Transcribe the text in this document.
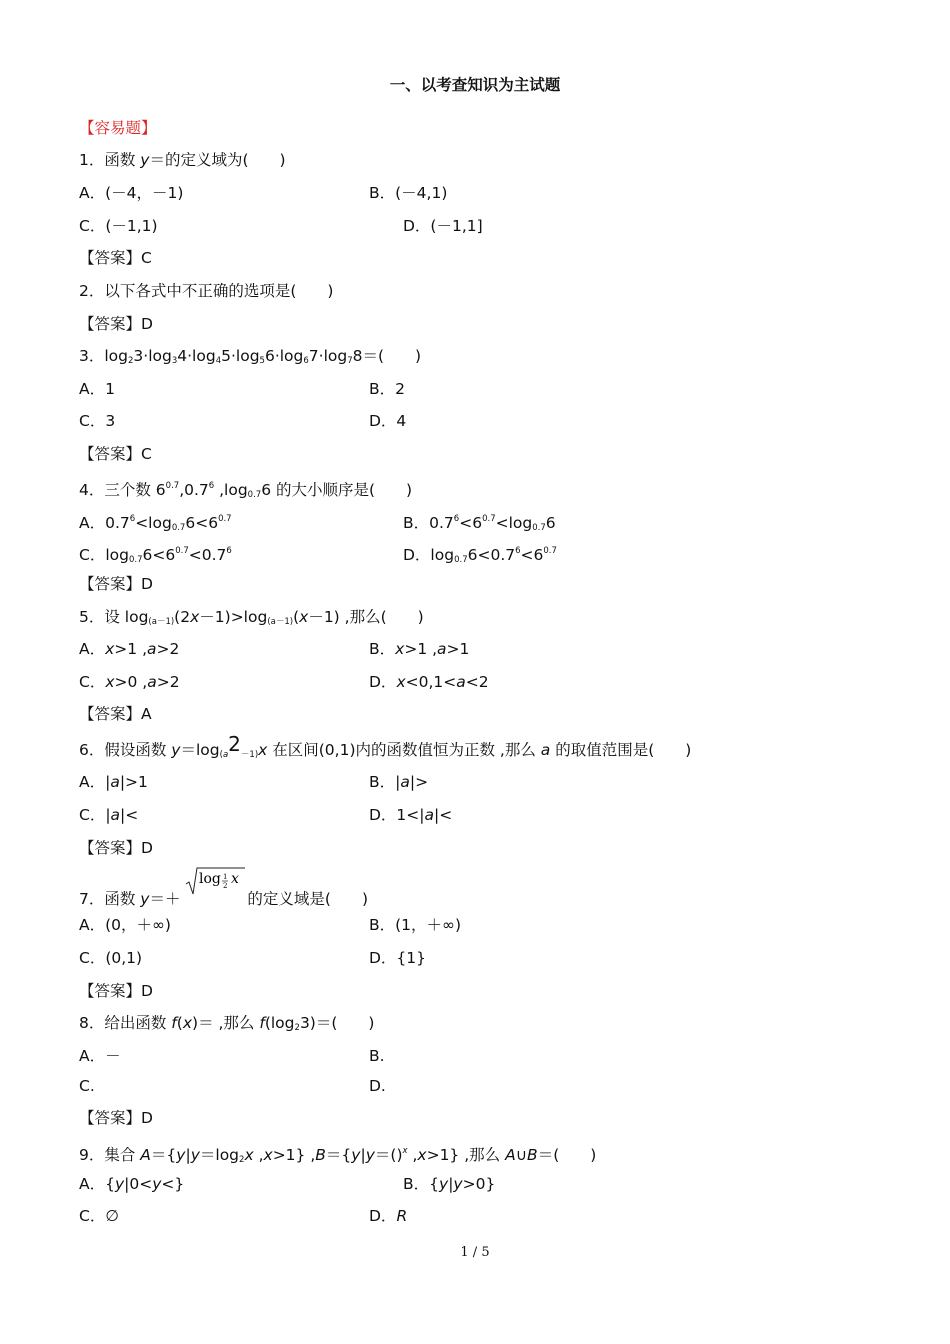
一、以考查知识为主试题
【容易题】
1．函数 y＝的定义域为(　　)
A．(－4，－1)	B．(－4,1)
C．(－1,1)	D．(－1,1]
【答案】C
2．以下各式中不正确的选项是(　　)
【答案】D
3．$\log_23\cdot\log_34\cdot\log_45\cdot\log_56\cdot\log_67\cdot\log_78=$(　　)
A．1	B．2
C．3	D．4
【答案】C
4．三个数 $6^{0.7},0.7^6$ $,\log_{0.7}6$ 的大小顺序是(　　)
A．$0.7^6<\log_{0.7}6<6^{0.7}$	B．$0.7^6<6^{0.7}<\log_{0.7}6$
C．$\log_{0.7}6<6^{0.7}<0.7^6$	D．$\log_{0.7}6<0.7^6<6^{0.7}$
【答案】D
5．设 $\log_{(a-1)}(2x-1)>\log_{(a-1)}(x-1)$ ,那么(　　)
A．x>1 ,a>2	B．x>1 ,a>1
C．x>0 ,a>2	D．x<0,1<a<2
【答案】A
6．假设函数 $y=\log_{(a}2_{-1)}x$ 在区间(0,1)内的函数值恒为正数 ,那么 a 的取值范围是(　　)
A．|a|>1	B．|a|>
C．|a|<	D．1<|a|<
【答案】D
7．函数 y＝＋
log 1
2 x
的定义域是(　　)
A．(0，＋∞)	B．(1，＋∞)
C．(0,1)	D．{1}
【答案】D
8．给出函数 f(x)＝ ,那么 $f(\log_23)=$(　　)
A．－	B.
C.	D.
【答案】D
9．集合 $A=\{y|y=\log_2x$ ,x>1} ,B＝{y|y＝()$^x$ ,x>1} ,那么 A∪B＝(　　)
A．{y|0<y<}	B．{y|y>0}
C．∅	D．R
1 / 5
